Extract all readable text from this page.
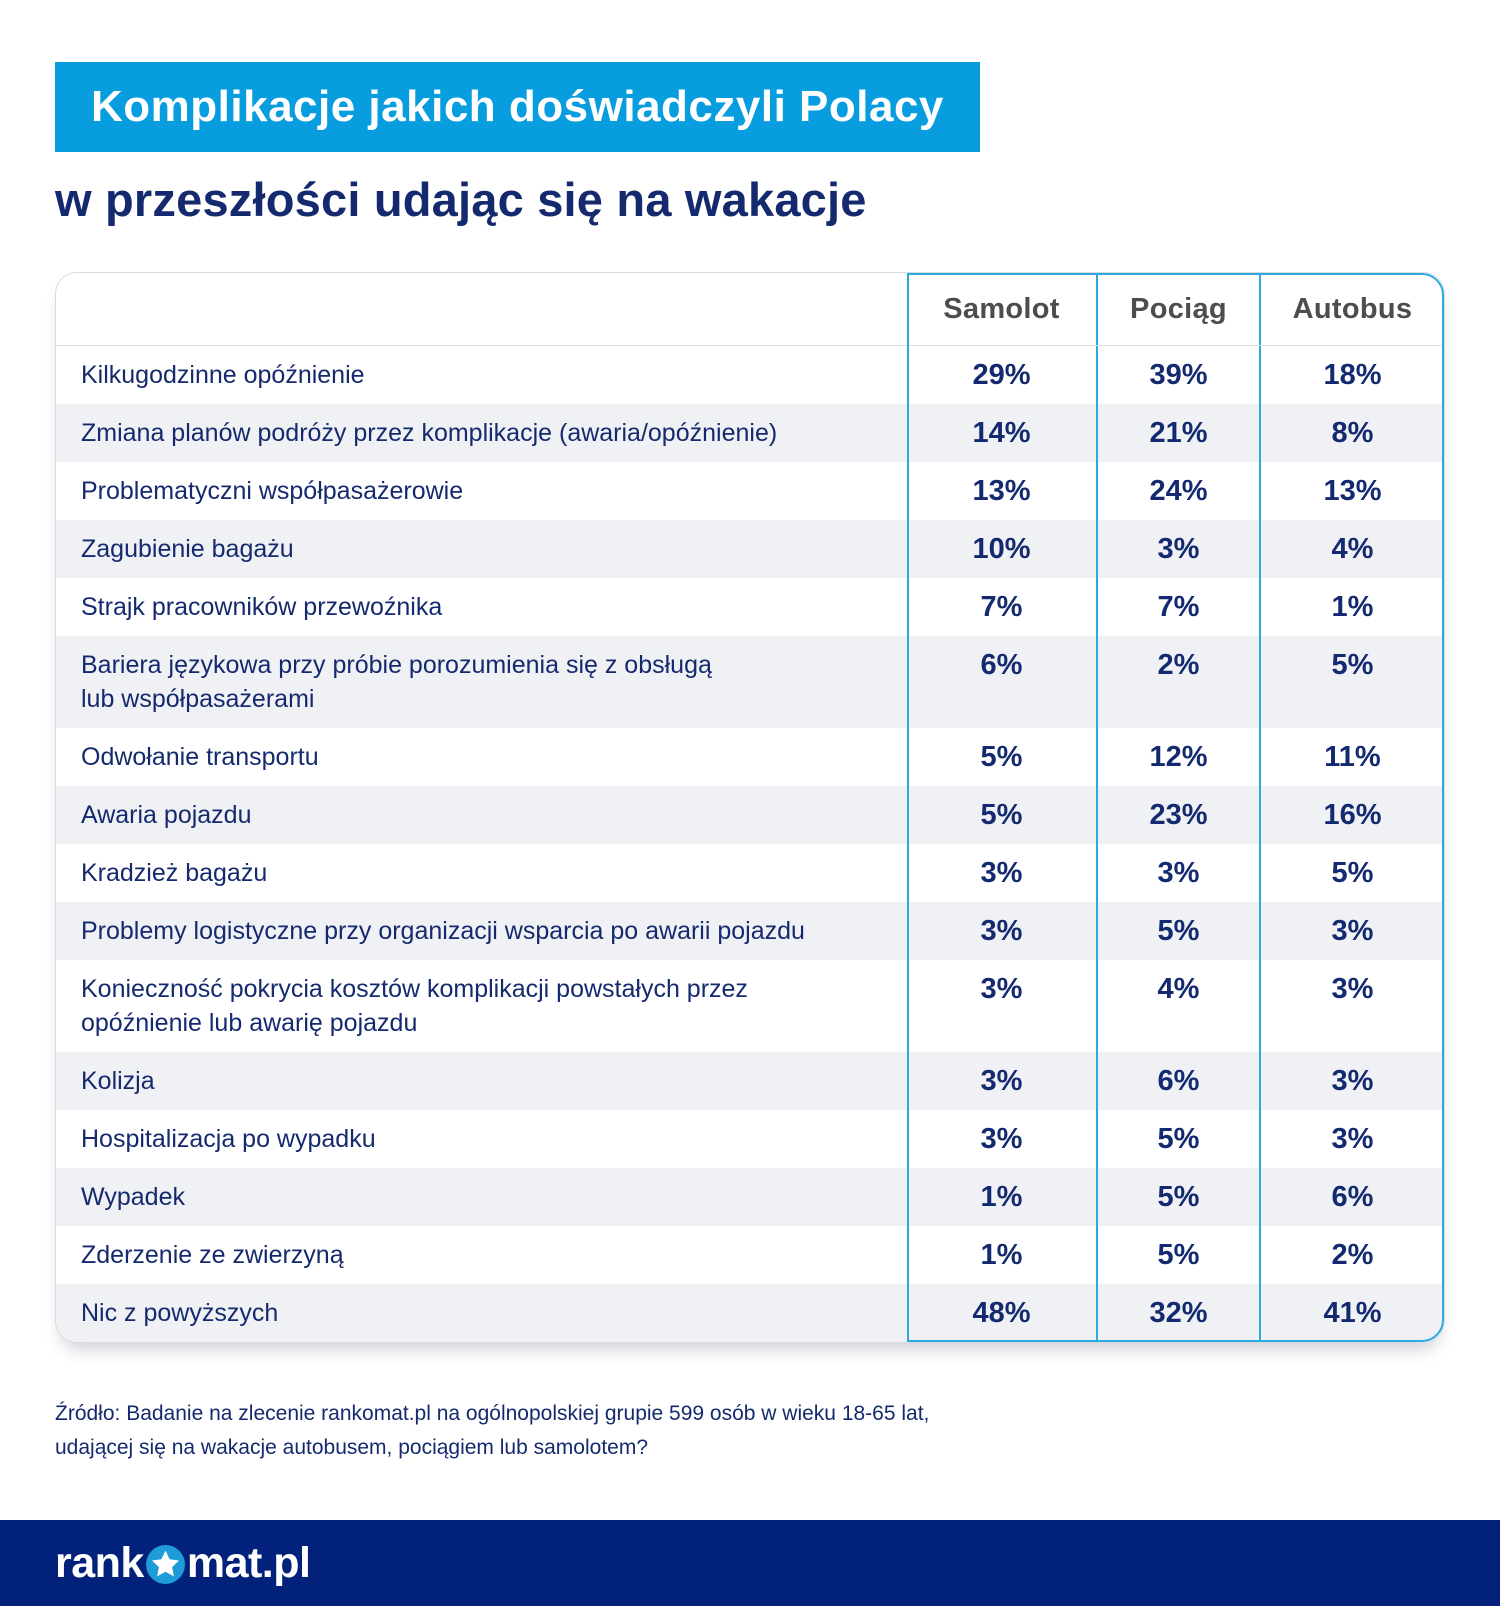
Komplikacje jakich doświadczyli Polacy
w przeszłości udając się na wakacje
Samolot	Pociąg	Autobus
Kilkugodzinne opóźnienie	29%	39%	18%
Zmiana planów podróży przez komplikacje (awaria/opóźnienie)	14%	21%	8%
Problematyczni współpasażerowie	13%	24%	13%
Zagubienie bagażu	10%	3%	4%
Strajk pracowników przewoźnika	7%	7%	1%
Bariera językowa przy próbie porozumienia się z obsługą
lub współpasażerami
6%	2%	5%
Odwołanie transportu	5%	12%	11%
Awaria pojazdu	5%	23%	16%
Kradzież bagażu	3%	3%	5%
Problemy logistyczne przy organizacji wsparcia po awarii pojazdu	3%	5%	3%
Konieczność pokrycia kosztów komplikacji powstałych przez
opóźnienie lub awarię pojazdu
3%	4%	3%
Kolizja	3%	6%	3%
Hospitalizacja po wypadku	3%	5%	3%
Wypadek	1%	5%	6%
Zderzenie ze zwierzyną	1%	5%	2%
Nic z powyższych	48%	32%	41%

Źródło: Badanie na zlecenie rankomat.pl na ogólnopolskiej grupie 599 osób w wieku 18-65 lat,
udającej się na wakacje autobusem, pociągiem lub samolotem?

rank mat.pl
